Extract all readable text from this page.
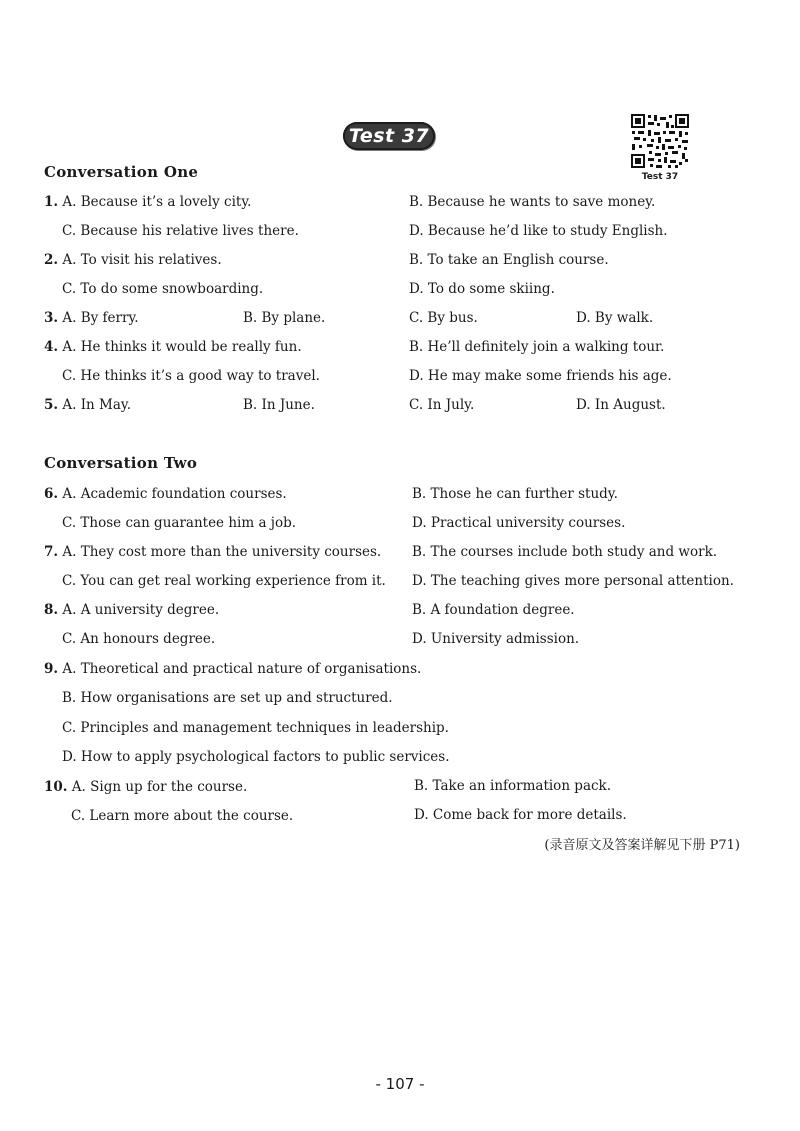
Test 37
Test 37
Conversation One
1. A. Because it’s a lovely city.	B. Because he wants to save money.
C. Because his relative lives there.	D. Because he’d like to study English.
2. A. To visit his relatives.	B. To take an English course.
C. To do some snowboarding.	D. To do some skiing.
3. A. By ferry.	B. By plane.	C. By bus.	D. By walk.
4. A. He thinks it would be really fun.	B. He’ll definitely join a walking tour.
C. He thinks it’s a good way to travel.	D. He may make some friends his age.
5. A. In May.	B. In June.	C. In July.	D. In August.
Conversation Two
6. A. Academic foundation courses.	B. Those he can further study.
C. Those can guarantee him a job.	D. Practical university courses.
7. A. They cost more than the university courses. B. The courses include both study and work.
C. You can get real working experience from it. D. The teaching gives more personal attention.
8. A. A university degree.	B. A foundation degree.
C. An honours degree.	D. University admission.
9. A. Theoretical and practical nature of organisations.
B. How organisations are set up and structured.
C. Principles and management techniques in leadership.
D. How to apply psychological factors to public services.
10. A. Sign up for the course.	B. Take an information pack.
C. Learn more about the course.	D. Come back for more details.
(录音原文及答案详解见下册 P71)
- 107 -
